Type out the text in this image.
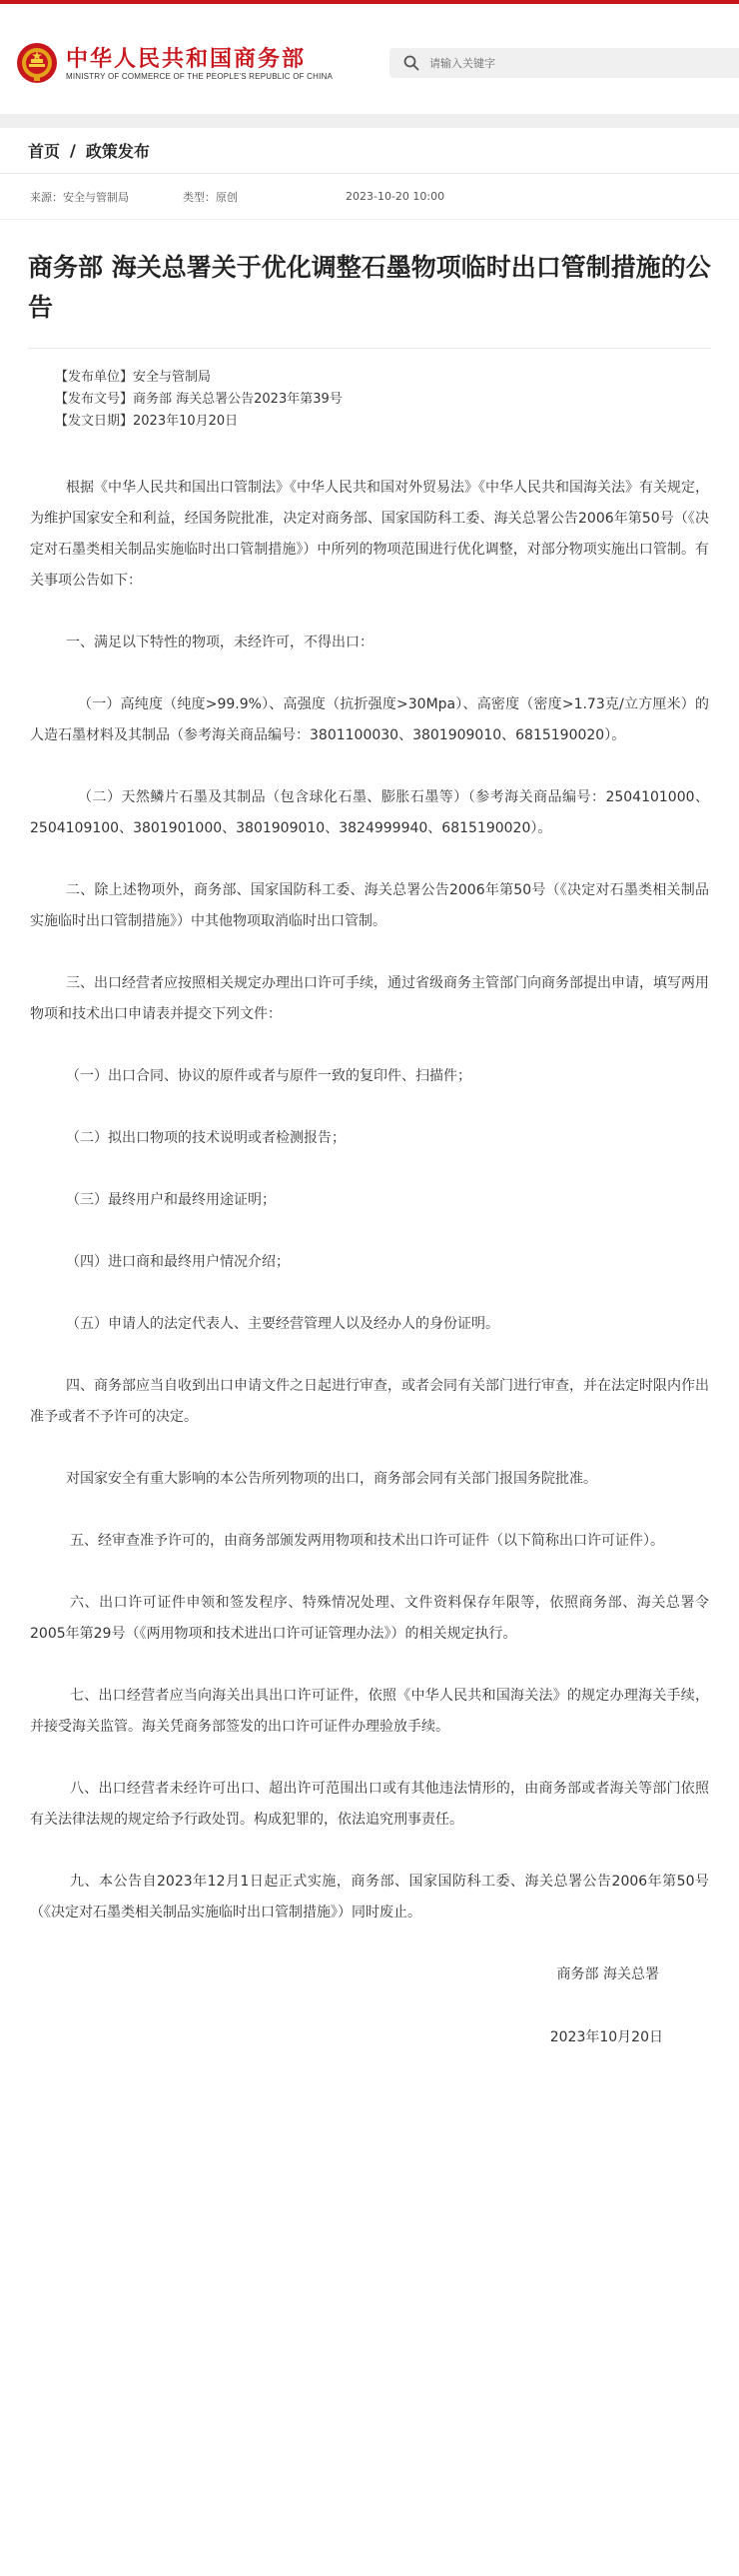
中华人民共和国商务部
MINISTRY OF COMMERCE OF THE PEOPLE'S REPUBLIC OF CHINA
请输入关键字
首页 / 政策发布
来源： 安全与管制局	类型： 原创	2023-10-20 10:00
商务部 海关总署关于优化调整石墨物项临时出口管制措施的公告
【发布单位】安全与管制局
【发布文号】商务部 海关总署公告2023年第39号
【发文日期】2023年10月20日

根据《中华人民共和国出口管制法》《中华人民共和国对外贸易法》《中华人民共和国海关法》有关规定，为维护国家安全和利益，经国务院批准，决定对商务部、国家国防科工委、海关总署公告2006年第50号（《决定对石墨类相关制品实施临时出口管制措施》）中所列的物项范围进行优化调整，对部分物项实施出口管制。有关事项公告如下：

一、满足以下特性的物项，未经许可，不得出口：

（一）高纯度（纯度>99.9%）、高强度（抗折强度>30Mpa）、高密度（密度>1.73克/立方厘米）的人造石墨材料及其制品（参考海关商品编号：3801100030、3801909010、6815190020）。

（二）天然鳞片石墨及其制品（包含球化石墨、膨胀石墨等）（参考海关商品编号：2504101000、2504109100、3801901000、3801909010、3824999940、6815190020）。

二、除上述物项外，商务部、国家国防科工委、海关总署公告2006年第50号（《决定对石墨类相关制品实施临时出口管制措施》）中其他物项取消临时出口管制。

三、出口经营者应按照相关规定办理出口许可手续，通过省级商务主管部门向商务部提出申请，填写两用物项和技术出口申请表并提交下列文件：

（一）出口合同、协议的原件或者与原件一致的复印件、扫描件；

（二）拟出口物项的技术说明或者检测报告；

（三）最终用户和最终用途证明；

（四）进口商和最终用户情况介绍；

（五）申请人的法定代表人、主要经营管理人以及经办人的身份证明。

四、商务部应当自收到出口申请文件之日起进行审查，或者会同有关部门进行审查，并在法定时限内作出准予或者不予许可的决定。

对国家安全有重大影响的本公告所列物项的出口，商务部会同有关部门报国务院批准。

五、经审查准予许可的，由商务部颁发两用物项和技术出口许可证件（以下简称出口许可证件）。

六、出口许可证件申领和签发程序、特殊情况处理、文件资料保存年限等，依照商务部、海关总署令2005年第29号（《两用物项和技术进出口许可证管理办法》）的相关规定执行。

七、出口经营者应当向海关出具出口许可证件，依照《中华人民共和国海关法》的规定办理海关手续，并接受海关监管。海关凭商务部签发的出口许可证件办理验放手续。

八、出口经营者未经许可出口、超出许可范围出口或有其他违法情形的，由商务部或者海关等部门依照有关法律法规的规定给予行政处罚。构成犯罪的，依法追究刑事责任。

九、本公告自2023年12月1日起正式实施，商务部、国家国防科工委、海关总署公告2006年第50号（《决定对石墨类相关制品实施临时出口管制措施》）同时废止。

商务部 海关总署
2023年10月20日
